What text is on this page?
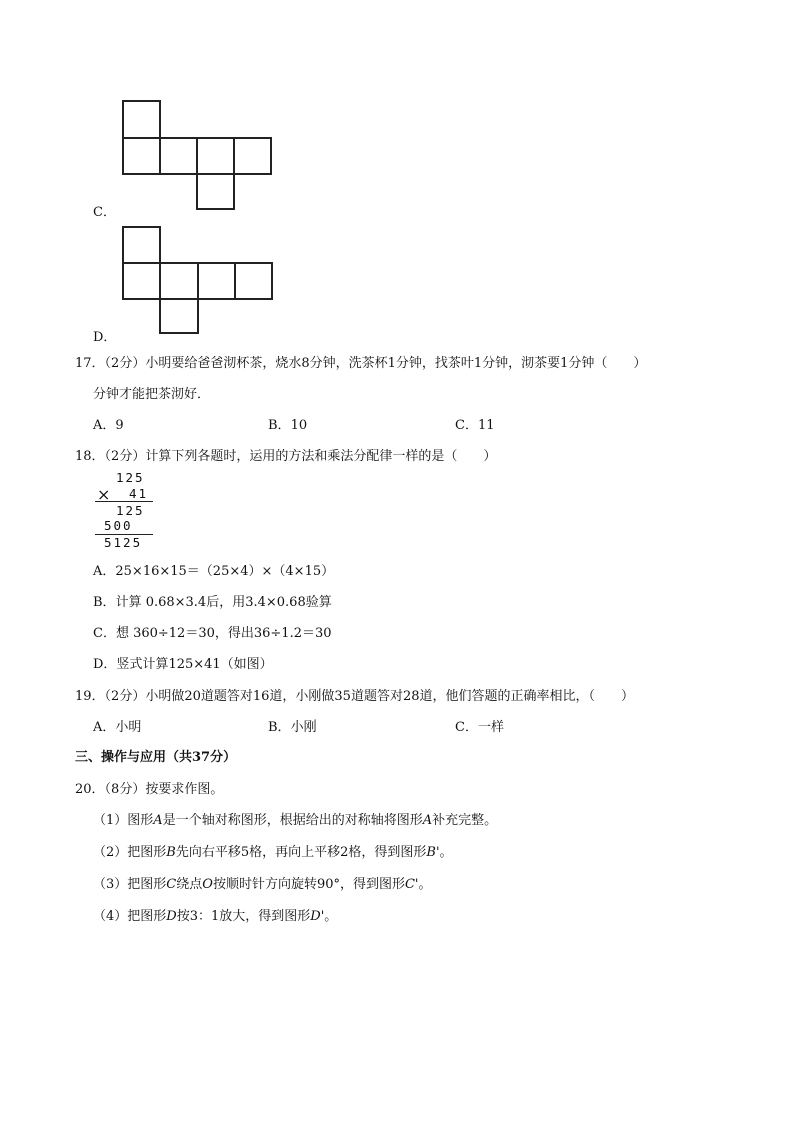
C．
D．
17．（2分）小明要给爸爸沏杯茶，烧水8分钟，洗茶杯1分钟，找茶叶1分钟，沏茶要1分钟（　　）
分钟才能把茶沏好．
A．9	B．10	C．11
18．（2分）计算下列各题时，运用的方法和乘法分配律一样的是（　　）
125
× 41
125
500
5125
A．25×16×15＝（25×4）×（4×15）
B．计算 0.68×3.4后，用3.4×0.68验算
C．想 360÷12＝30，得出36÷1.2＝30
D．竖式计算125×41（如图）
19．（2分）小明做20道题答对16道，小刚做35道题答对28道，他们答题的正确率相比，（　　）
A．小明	B．小刚	C．一样
三、操作与应用（共37分）
20．（8分）按要求作图。
（1）图形A是一个轴对称图形，根据给出的对称轴将图形A补充完整。
（2）把图形B先向右平移5格，再向上平移2格，得到图形B'。
（3）把图形C绕点O按顺时针方向旋转90°，得到图形C'。
（4）把图形D按3：1放大，得到图形D'。
